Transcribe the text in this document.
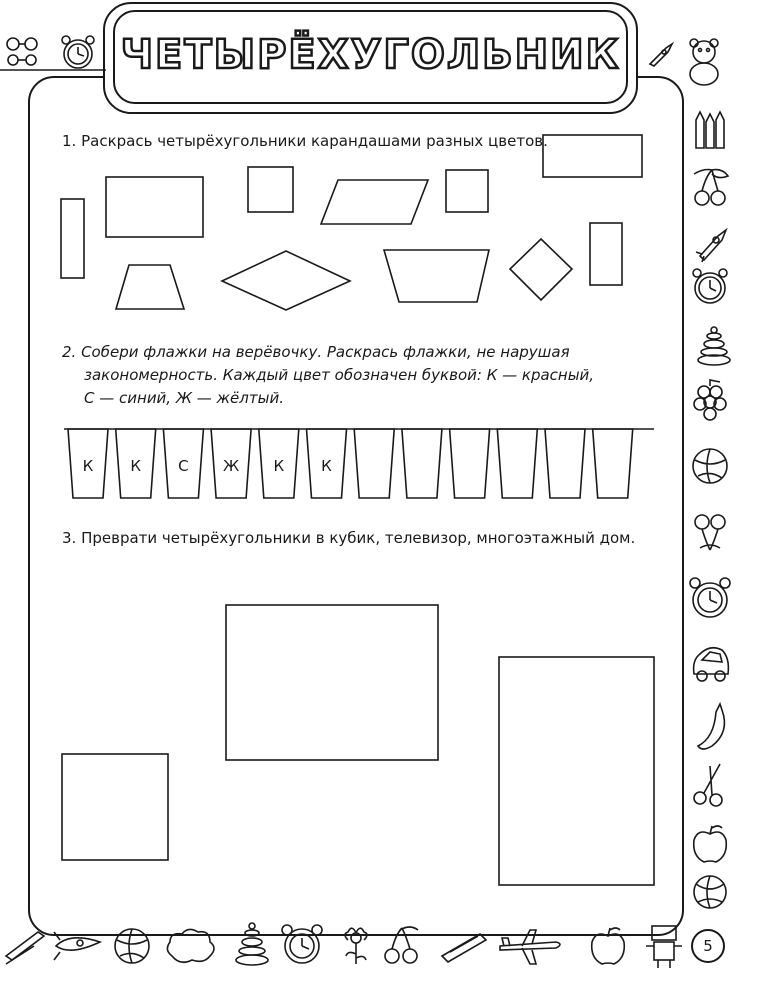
ЧЕТЫРЁХУГОЛЬНИК

1. Раскрась четырёхугольники карандашами разных цветов.

2. Собери флажки на верёвочку. Раскрась флажки, не нарушая

закономерность. Каждый цвет обозначен буквой: К — красный,

С — синий, Ж — жёлтый.

3. Преврати четырёхугольники в кубик, телевизор, многоэтажный дом.

К К С Ж К К
5
